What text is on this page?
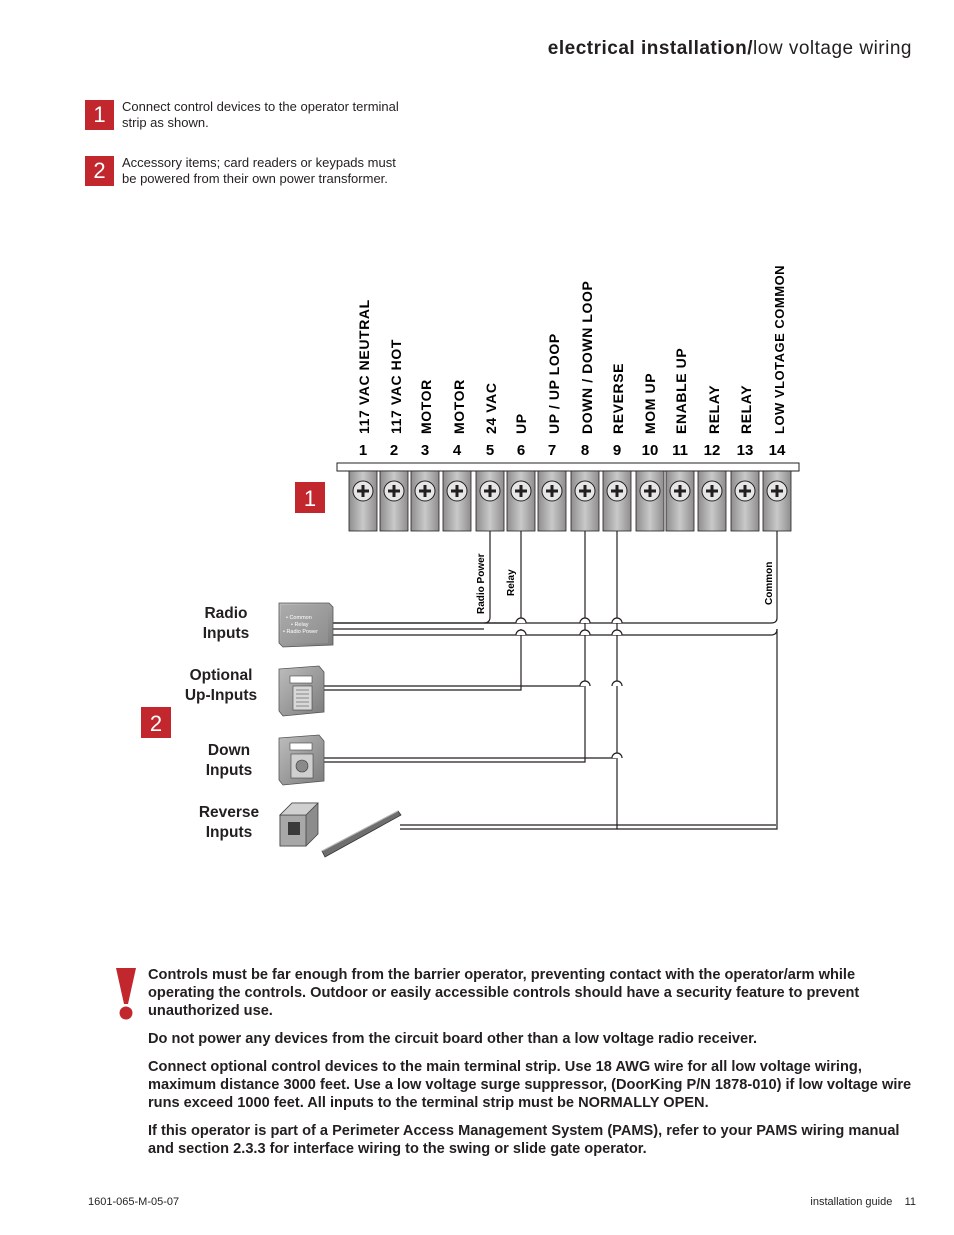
electrical installation/low voltage wiring
1	Connect control devices to the operator terminal
strip as shown.
2	Accessory items; card readers or keypads must
be powered from their own power transformer.
117 VAC NEUTRAL 117 VAC HOT MOTOR MOTOR 24 VAC UP UP / UP LOOP DOWN / DOWN LOOP REVERSE MOM UP ENABLE UP RELAY RELAY LOW VLOTAGE COMMON
1 2 3 4 5 6 7 8 9 10 11 12 13 14
1
2
Radio Power Relay	Common
• Common
• Relay
• Radio Power
Radio
Inputs
Optional
Up-Inputs
Down
Inputs
Reverse
Inputs

Controls must be far enough from the barrier operator, preventing contact with the operator/arm while operating the controls. Outdoor or easily accessible controls should have a security feature to prevent unauthorized use.

Do not power any devices from the circuit board other than a low voltage radio receiver.

Connect optional control devices to the main terminal strip. Use 18 AWG wire for all low voltage wiring, maximum distance 3000 feet. Use a low voltage surge suppressor, (DoorKing P/N 1878-010) if low voltage wire runs exceed 1000 feet. All inputs to the terminal strip must be NORMALLY OPEN.

If this operator is part of a Perimeter Access Management System (PAMS), refer to your PAMS wiring manual and section 2.3.3 for interface wiring to the swing or slide gate operator.

1601-065-M-05-07	installation guide 11
